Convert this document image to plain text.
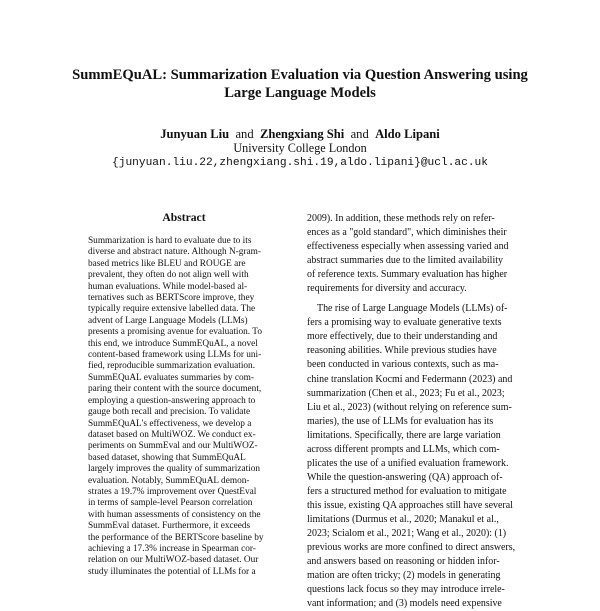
SummEQuAL: Summarization Evaluation via Question Answering using
Large Language Models
Junyuan Liu and Zhengxiang Shi and Aldo Lipani
University College London
{junyuan.liu.22,zhengxiang.shi.19,aldo.lipani}@ucl.ac.uk
Abstract
Summarization is hard to evaluate due to its
diverse and abstract nature. Although N-gram-
based metrics like BLEU and ROUGE are
prevalent, they often do not align well with
human evaluations. While model-based al-
ternatives such as BERTScore improve, they
typically require extensive labelled data. The
advent of Large Language Models (LLMs)
presents a promising avenue for evaluation. To
this end, we introduce SummEQuAL, a novel
content-based framework using LLMs for uni-
fied, reproducible summarization evaluation.
SummEQuAL evaluates summaries by com-
paring their content with the source document,
employing a question-answering approach to
gauge both recall and precision. To validate
SummEQuAL's effectiveness, we develop a
dataset based on MultiWOZ. We conduct ex-
periments on SummEval and our MultiWOZ-
based dataset, showing that SummEQuAL
largely improves the quality of summarization
evaluation. Notably, SummEQuAL demon-
strates a 19.7% improvement over QuestEval
in terms of sample-level Pearson correlation
with human assessments of consistency on the
SummEval dataset. Furthermore, it exceeds
the performance of the BERTScore baseline by
achieving a 17.3% increase in Spearman cor-
relation on our MultiWOZ-based dataset. Our
study illuminates the potential of LLMs for a
2009). In addition, these methods rely on refer-
ences as a "gold standard", which diminishes their
effectiveness especially when assessing varied and
abstract summaries due to the limited availability
of reference texts. Summary evaluation has higher
requirements for diversity and accuracy.
The rise of Large Language Models (LLMs) of-
fers a promising way to evaluate generative texts
more effectively, due to their understanding and
reasoning abilities. While previous studies have
been conducted in various contexts, such as ma-
chine translation Kocmi and Federmann (2023) and
summarization (Chen et al., 2023; Fu et al., 2023;
Liu et al., 2023) (without relying on reference sum-
maries), the use of LLMs for evaluation has its
limitations. Specifically, there are large variation
across different prompts and LLMs, which com-
plicates the use of a unified evaluation framework.
While the question-answering (QA) approach of-
fers a structured method for evaluation to mitigate
this issue, existing QA approaches still have several
limitations (Durmus et al., 2020; Manakul et al.,
2023; Scialom et al., 2021; Wang et al., 2020): (1)
previous works are more confined to direct answers,
and answers based on reasoning or hidden infor-
mation are often tricky; (2) models in generating
questions lack focus so they may introduce irrele-
vant information; and (3) models need expensive
